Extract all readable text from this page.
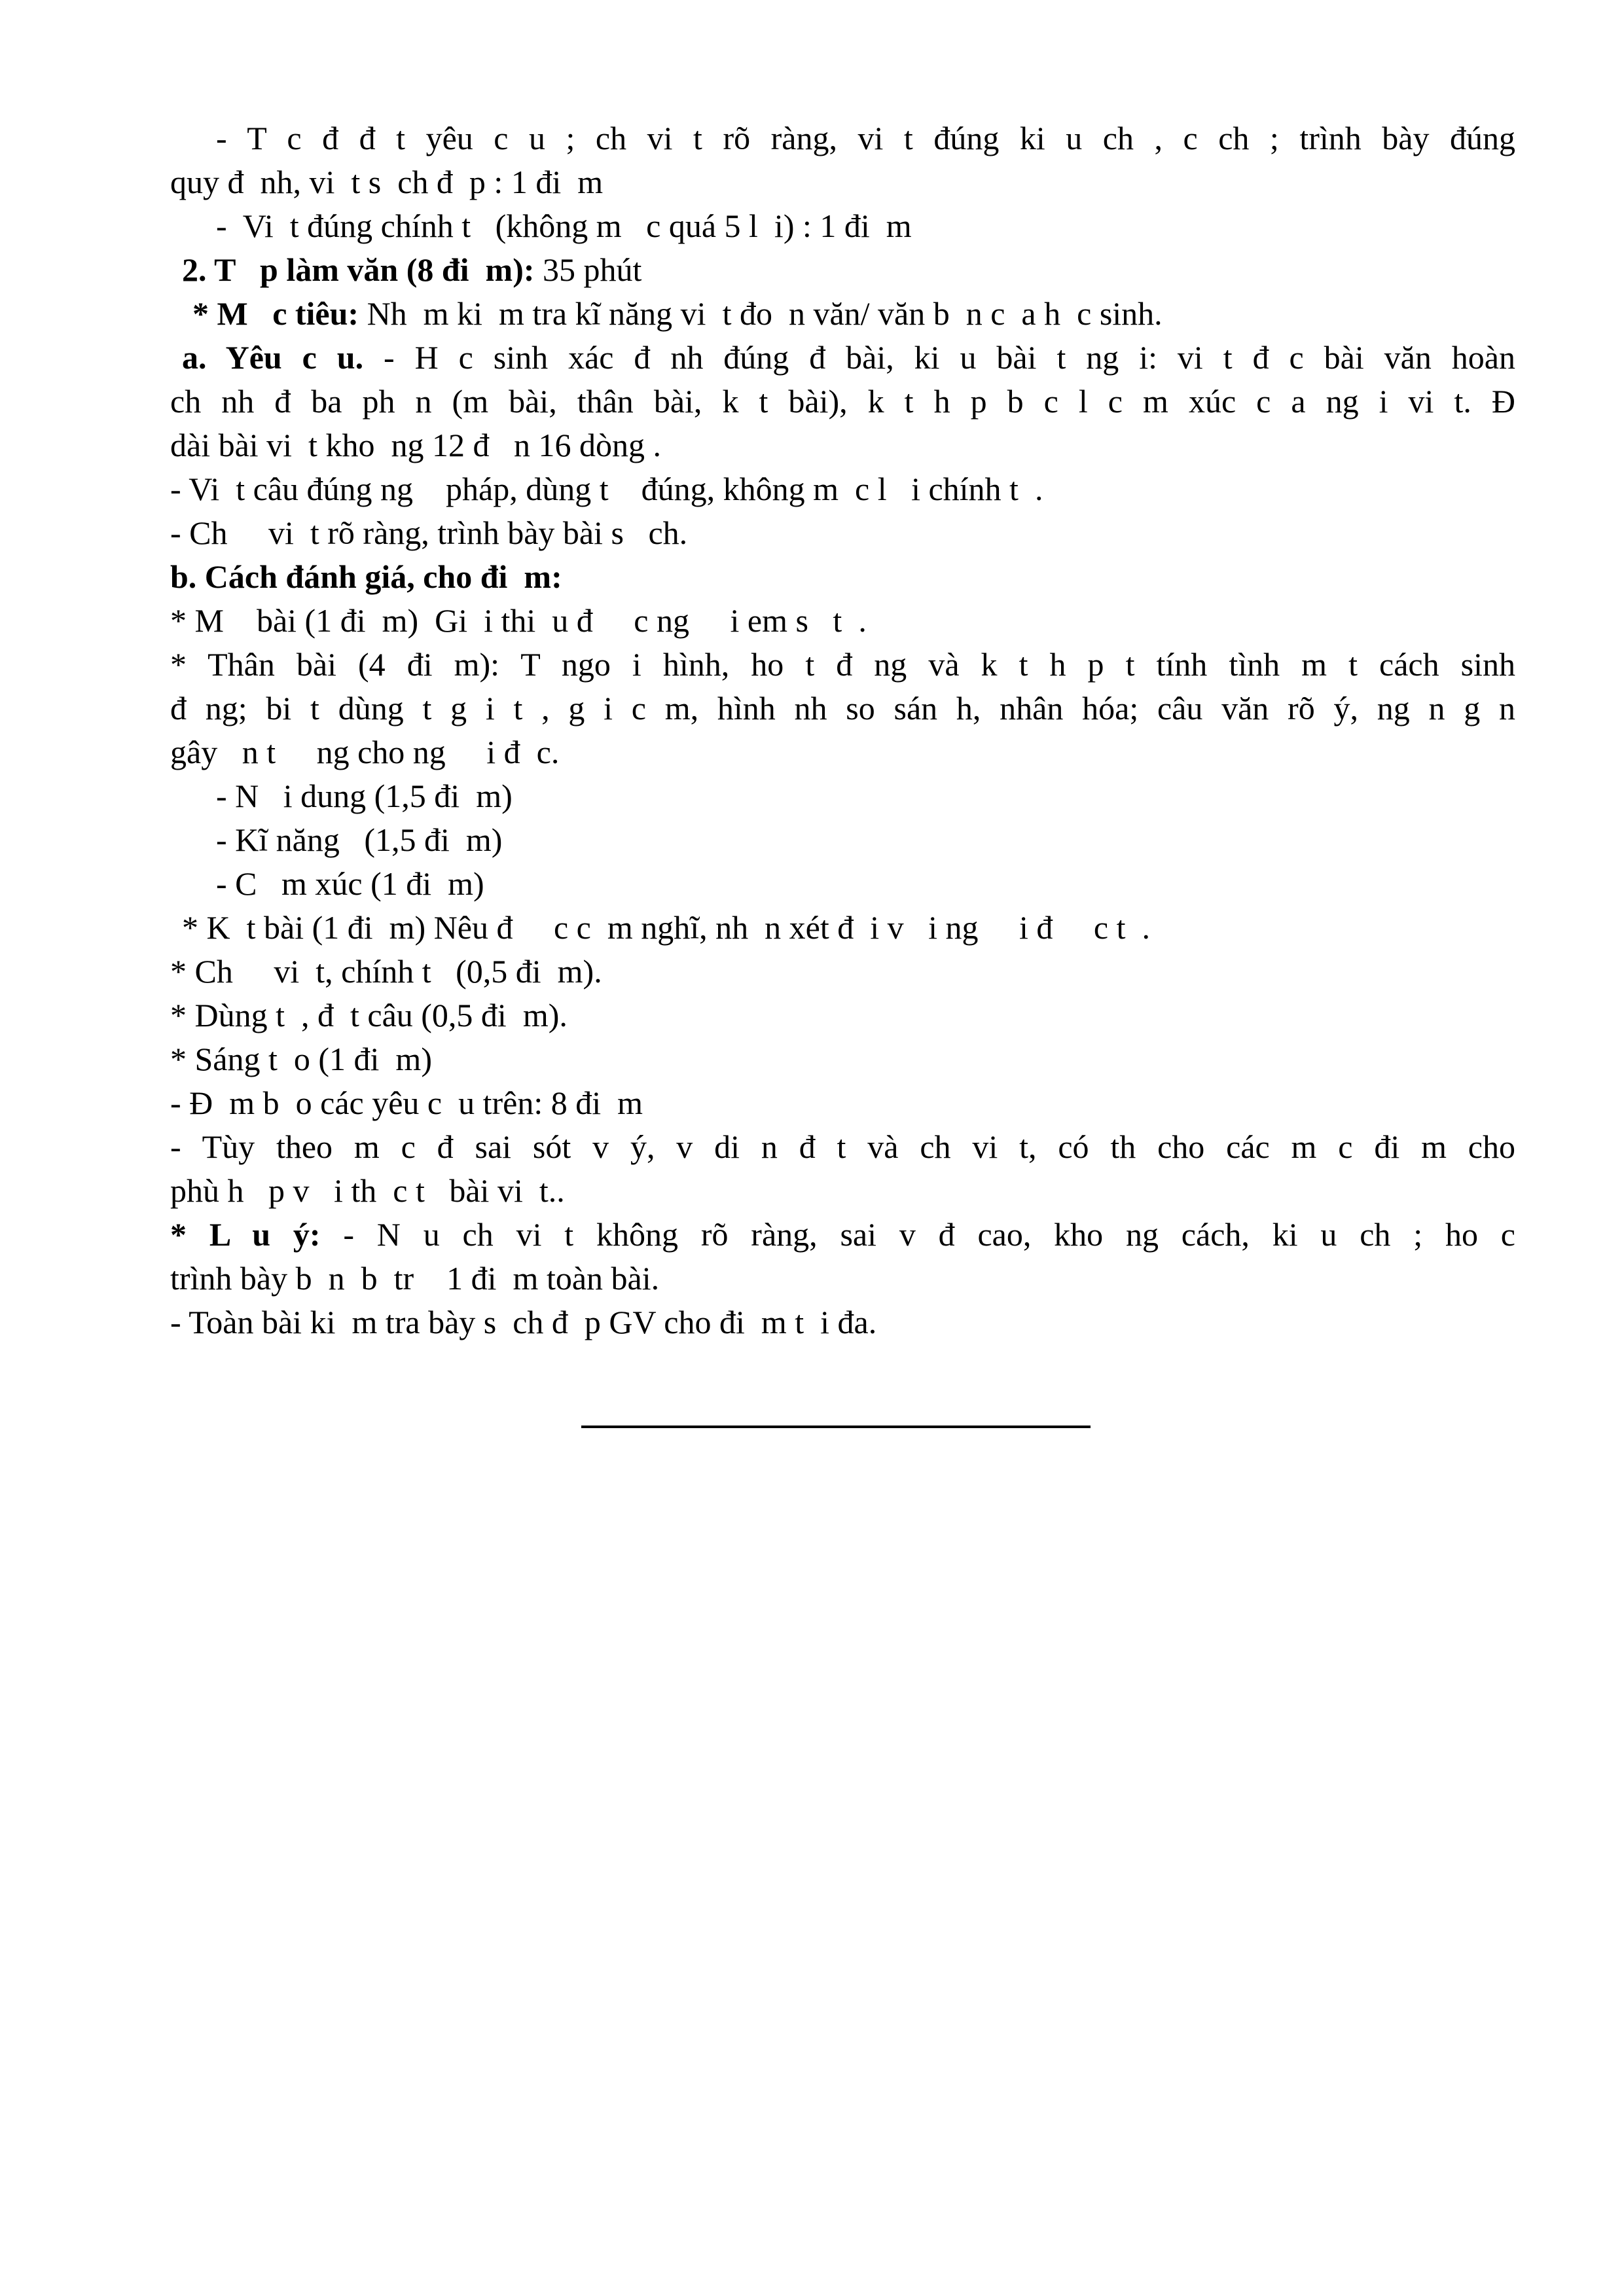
- T c đ đ t yêu c u ; ch vi t rõ ràng, vi t đúng ki u ch , c ch ; trình bày đúng

quy đ  nh, vi  t s  ch đ  p : 1 đi  m

-  Vi  t đúng chính t   (không m   c quá 5 l  i) : 1 đi  m

2. T   p làm văn (8 đi  m): 35 phút

* M   c tiêu: Nh  m ki  m tra kĩ năng vi  t đo  n văn/ văn b  n c  a h  c sinh.

a. Yêu c u. - H c sinh xác đ nh đúng đ bài, ki u bài t ng i: vi t đ c bài văn hoàn

ch nh đ ba ph n (m bài, thân bài, k t bài), k t h p b c l c m xúc c a ng i vi t. Đ

dài bài vi  t kho  ng 12 đ   n 16 dòng .

- Vi  t câu đúng ng    pháp, dùng t    đúng, không m  c l   i chính t  .

- Ch     vi  t rõ ràng, trình bày bài s   ch.

b. Cách đánh giá, cho đi  m:

* M    bài (1 đi  m)  Gi  i thi  u đ     c ng     i em s   t  .

* Thân bài (4 đi m): T ngo i hình, ho t đ ng và k t h p t tính tình m t cách sinh

đ ng; bi t dùng t g i t , g i c m, hình nh so sán h, nhân hóa; câu văn rõ ý, ng n g n

gây   n t     ng cho ng     i đ  c.

- N   i dung (1,5 đi  m)

- Kĩ năng   (1,5 đi  m)

- C   m xúc (1 đi  m)

* K  t bài (1 đi  m) Nêu đ     c c  m nghĩ, nh  n xét đ  i v   i ng     i đ     c t  .

* Ch     vi  t, chính t   (0,5 đi  m).

* Dùng t  , đ  t câu (0,5 đi  m).

* Sáng t  o (1 đi  m)

- Đ  m b  o các yêu c  u trên: 8 đi  m

- Tùy theo m c đ sai sót v ý, v di n đ t và ch vi t, có th cho các m c đi m cho

phù h   p v   i th  c t   bài vi  t..

* L u ý: - N u ch vi t không rõ ràng, sai v đ cao, kho ng cách, ki u ch ; ho c

trình bày b  n  b  tr    1 đi  m toàn bài.

- Toàn bài ki  m tra bày s  ch đ  p GV cho đi  m t  i đa.
